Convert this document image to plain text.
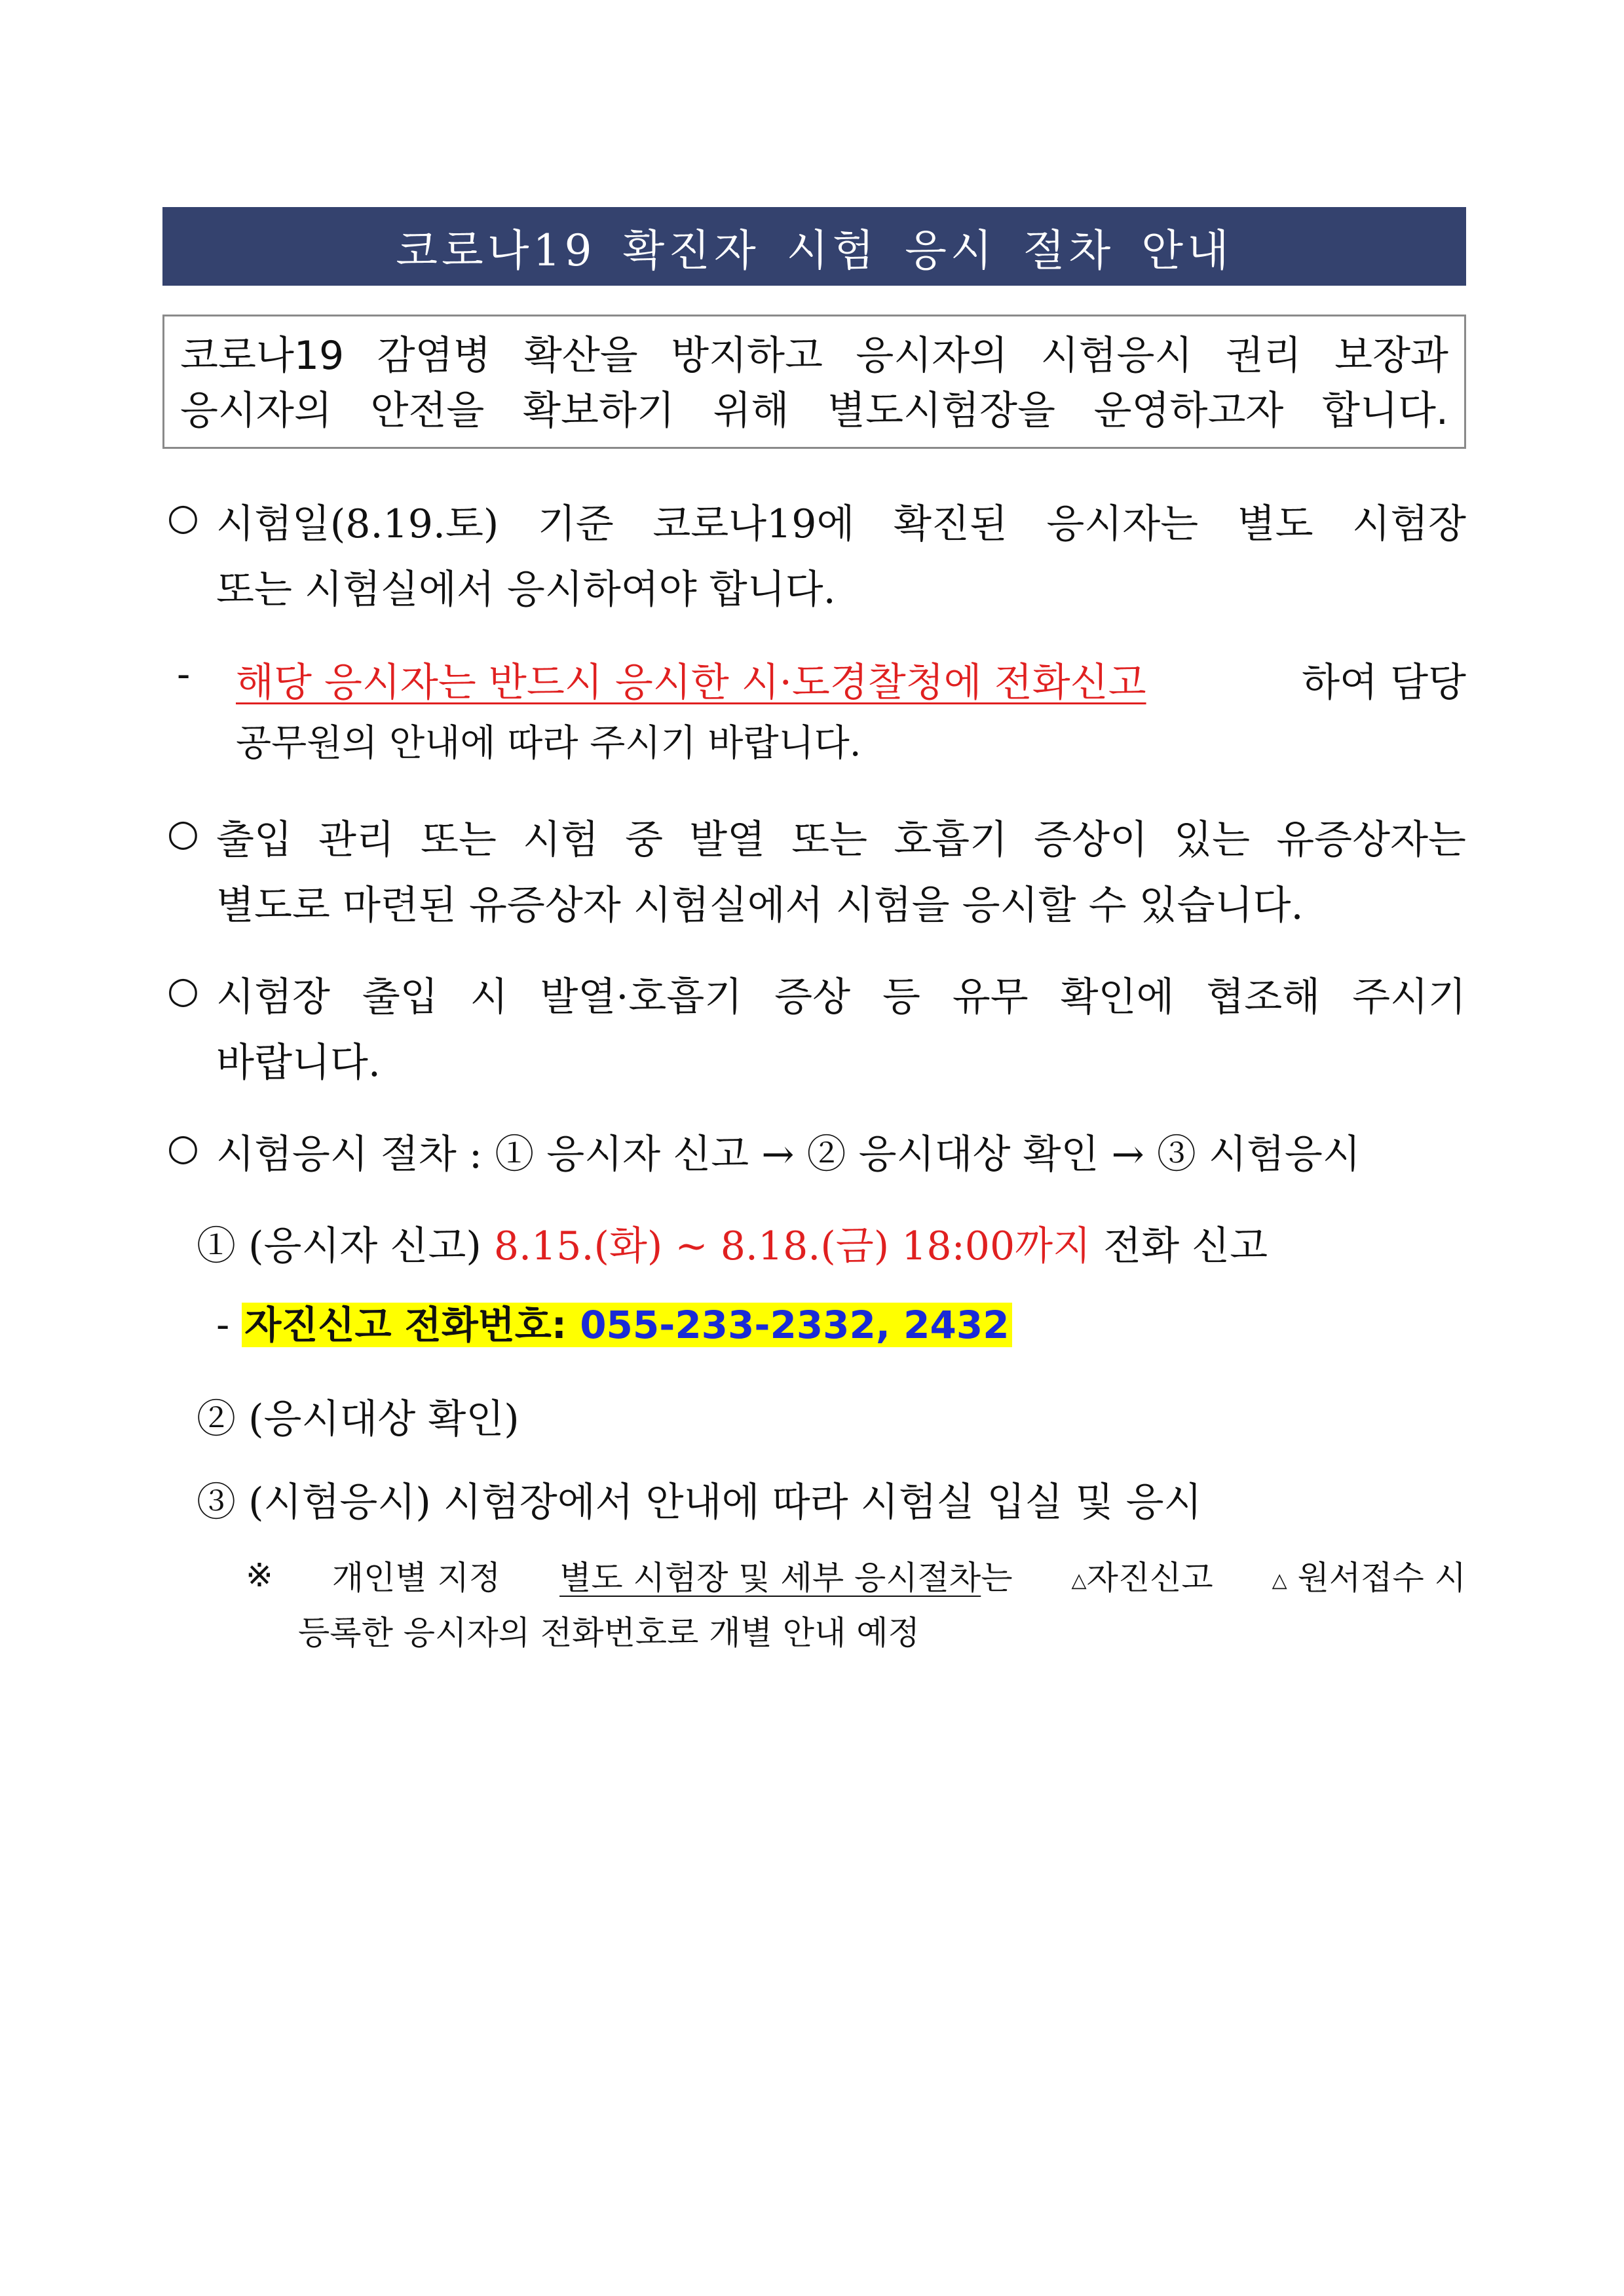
코로나19 확진자 시험 응시 절차 안내
코로나19 감염병 확산을 방지하고 응시자의 시험응시 권리 보장과
응시자의 안전을 확보하기 위해 별도시험장을 운영하고자 합니다.
○ 시험일(8.19.토) 기준 코로나19에 확진된 응시자는 별도 시험장
또는 시험실에서 응시하여야 합니다.
- 해당 응시자는 반드시 응시한 시·도경찰청에 전화신고	하여 담당
공무원의 안내에 따라 주시기 바랍니다.
○ 출입 관리 또는 시험 중 발열 또는 호흡기 증상이 있는 유증상자는
별도로 마련된 유증상자 시험실에서 시험을 응시할 수 있습니다.
○ 시험장 출입 시 발열·호흡기 증상 등 유무 확인에 협조해 주시기
바랍니다.
○ 시험응시 절차 : ① 응시자 신고 → ② 응시대상 확인 → ③ 시험응시
① (응시자 신고) 8.15.(화) ~ 8.18.(금) 18:00까지 전화 신고
- 자진신고 전화번호: 055-233-2332, 2432
② (응시대상 확인)
③ (시험응시) 시험장에서 안내에 따라 시험실 입실 및 응시
※ 개인별 지정 별도 시험장 및 세부 응시절차는	△자진신고	△ 원서접수 시
등록한 응시자의 전화번호로 개별 안내 예정
